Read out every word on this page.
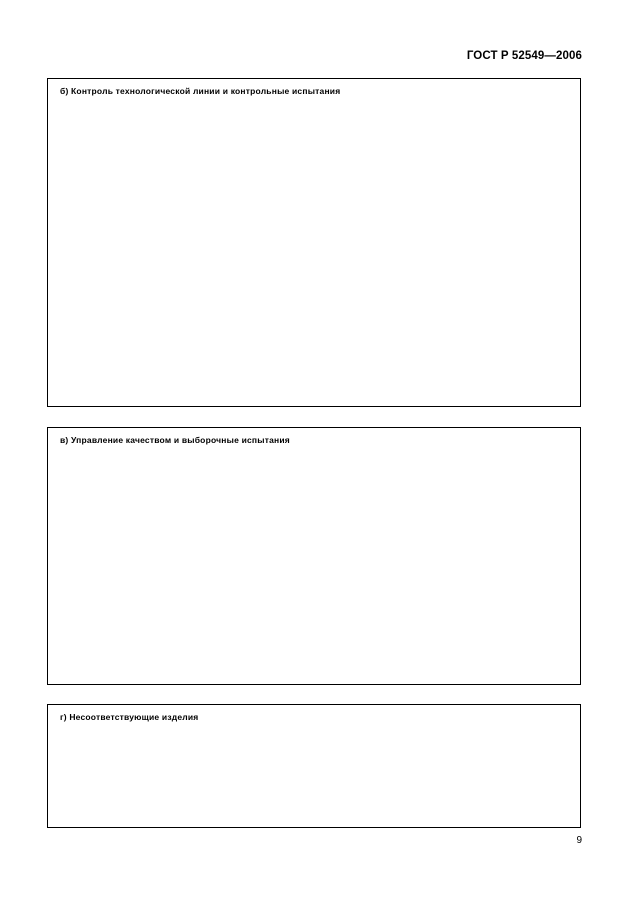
ГОСТ Р 52549—2006
б) Контроль технологической линии и контрольные испытания
в) Управление качеством и выборочные испытания
г) Несоответствующие изделия
9
